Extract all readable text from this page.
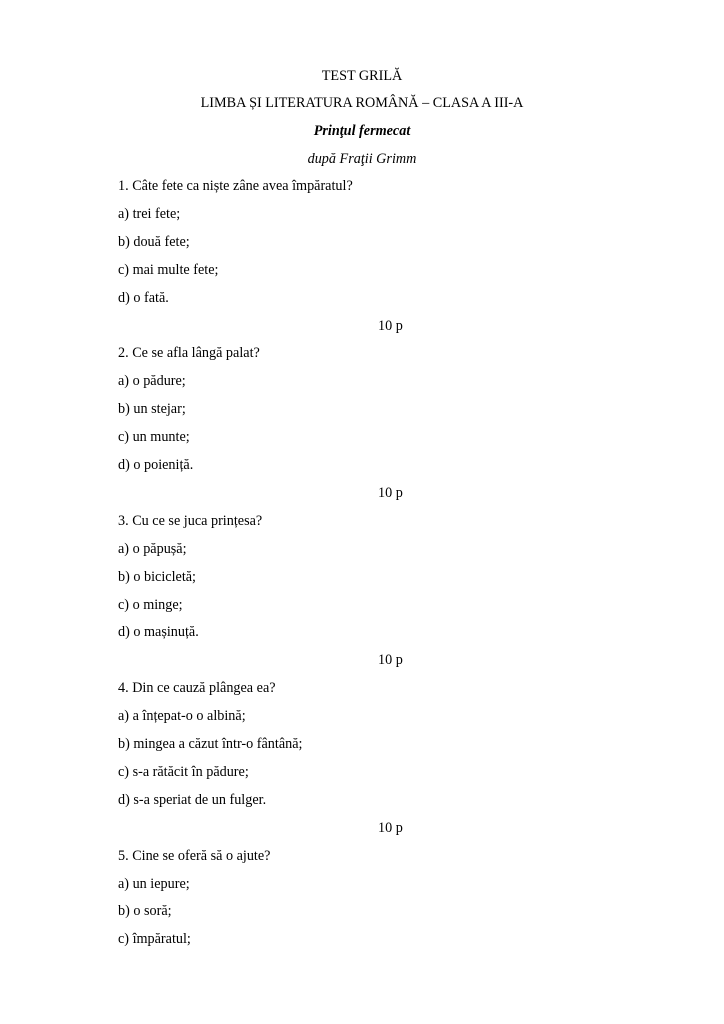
TEST GRILĂ
LIMBA ȘI LITERATURA ROMÂNĂ – CLASA A III-A
Prinţul fermecat
după Fraţii Grimm
1. Câte fete ca niște zâne avea împăratul?
a) trei fete;
b) două fete;
c) mai multe fete;
d) o fată.
10 p
2. Ce se afla lângă palat?
a) o pădure;
b) un stejar;
c) un munte;
d) o poieniță.
10 p
3. Cu ce se juca prințesa?
a) o păpușă;
b) o bicicletă;
c) o minge;
d) o mașinuță.
10 p
4. Din ce cauză plângea ea?
a) a înțepat-o o albină;
b) mingea a căzut într-o fântână;
c) s-a rătăcit în pădure;
d) s-a speriat de un fulger.
10 p
5. Cine se oferă să o ajute?
a) un iepure;
b) o soră;
c) împăratul;
